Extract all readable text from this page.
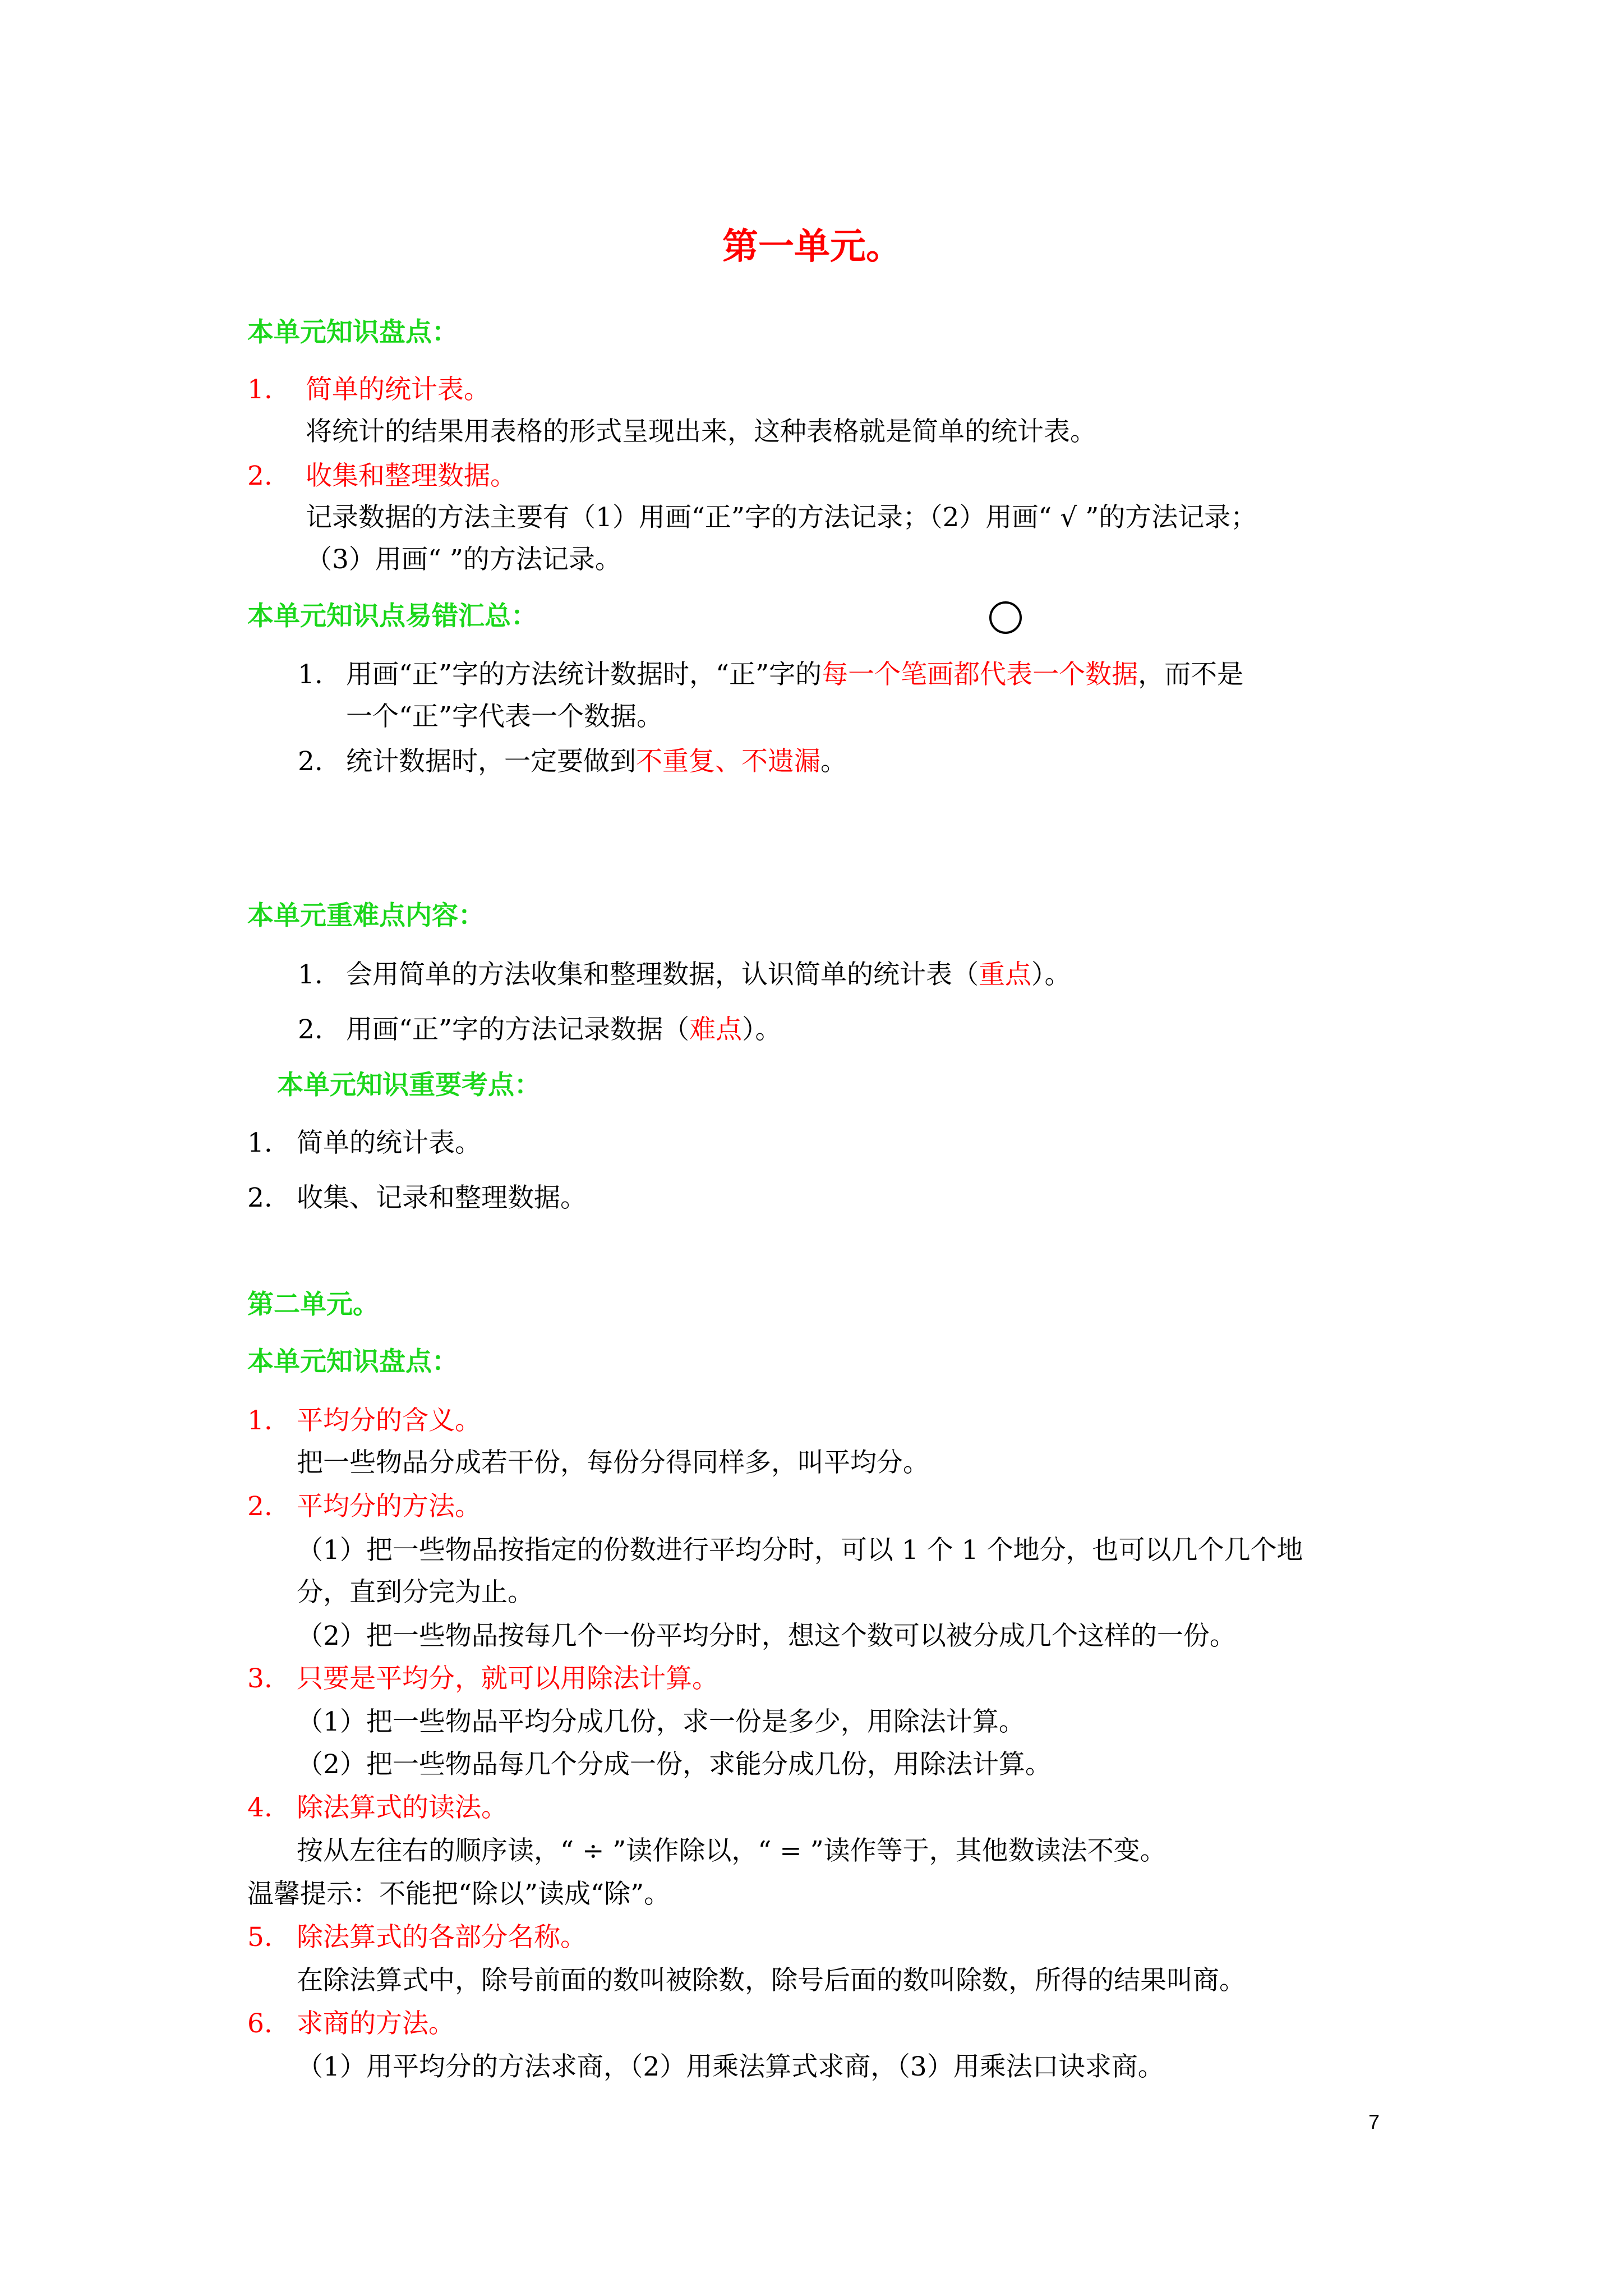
第一单元。
本单元知识盘点：
1. 简单的统计表。
将统计的结果用表格的形式呈现出来，这种表格就是简单的统计表。
2. 收集和整理数据。
记录数据的方法主要有（1）用画“正”字的方法记录；（2）用画“ √ ”的方法记录；
（3）用画“ ”的方法记录。
本单元知识点易错汇总：
1. 用画“正”字的方法统计数据时，“正”字的每一个笔画都代表一个数据，而不是
一个“正”字代表一个数据。
2. 统计数据时，一定要做到不重复、不遗漏。
本单元重难点内容：
1. 会用简单的方法收集和整理数据，认识简单的统计表（重点）。
2. 用画“正”字的方法记录数据（难点）。
本单元知识重要考点：
1. 简单的统计表。
2. 收集、记录和整理数据。
第二单元。
本单元知识盘点：
1. 平均分的含义。
把一些物品分成若干份，每份分得同样多，叫平均分。
2. 平均分的方法。
（1）把一些物品按指定的份数进行平均分时，可以 1 个 1 个地分，也可以几个几个地
分，直到分完为止。
（2）把一些物品按每几个一份平均分时，想这个数可以被分成几个这样的一份。
3. 只要是平均分，就可以用除法计算。
（1）把一些物品平均分成几份，求一份是多少，用除法计算。
（2）把一些物品每几个分成一份，求能分成几份，用除法计算。
4. 除法算式的读法。
按从左往右的顺序读，“ ÷ ”读作除以，“ = ”读作等于，其他数读法不变。
温馨提示：不能把“除以”读成“除”。
5. 除法算式的各部分名称。
在除法算式中，除号前面的数叫被除数，除号后面的数叫除数，所得的结果叫商。
6. 求商的方法。
（1）用平均分的方法求商，（2）用乘法算式求商，（3）用乘法口诀求商。
7
